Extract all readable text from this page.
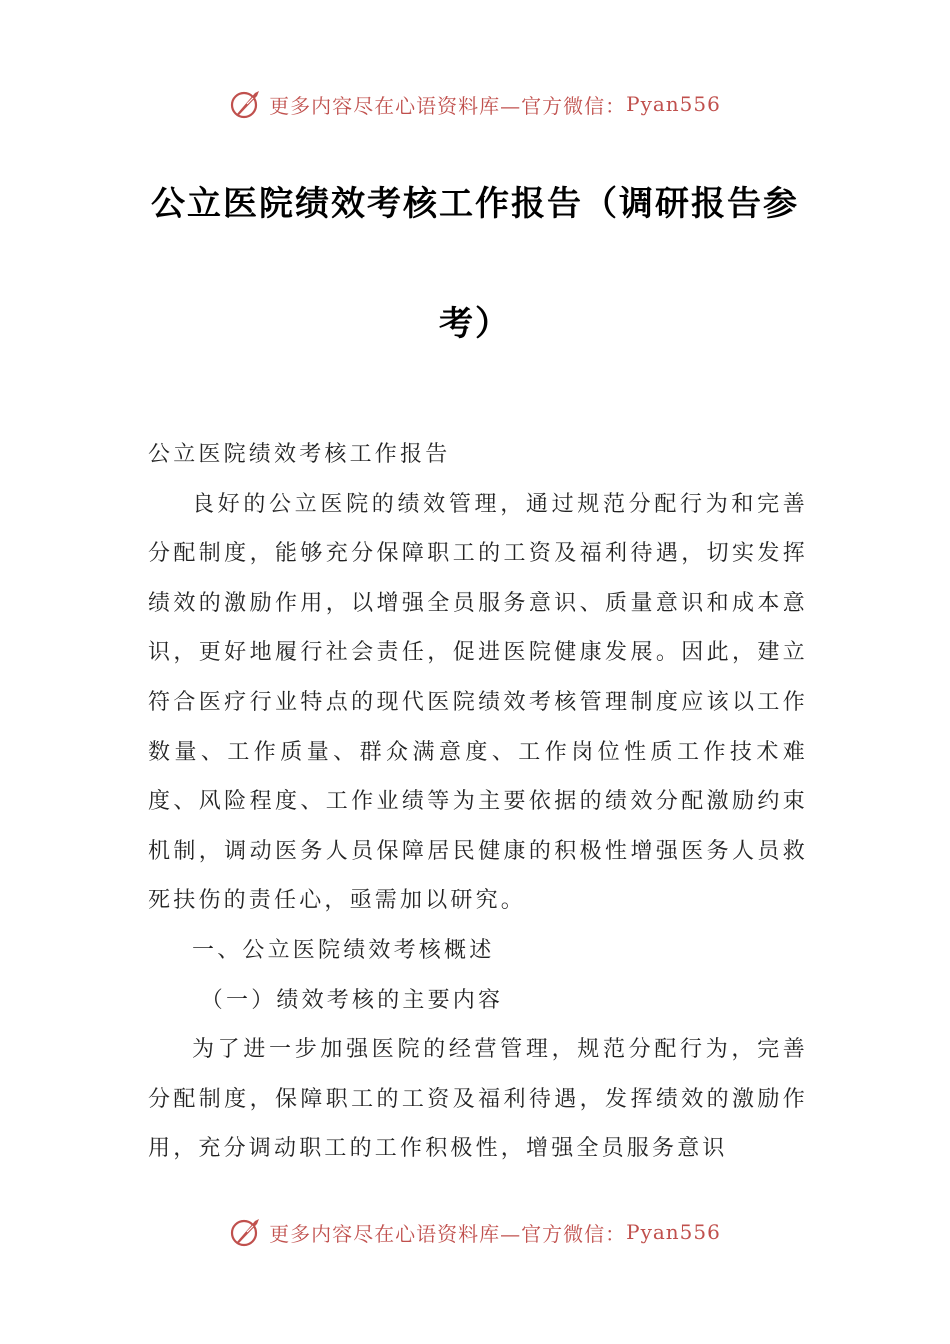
更多内容尽在心语资料库—官方微信： Pyan556
公立医院绩效考核工作报告（调研报告参
考）

公立医院绩效考核工作报告

良好的公立医院的绩效管理，通过规范分配行为和完善分配制度，能够充分保障职工的工资及福利待遇，切实发挥绩效的激励作用，以增强全员服务意识、质量意识和成本意识，更好地履行社会责任，促进医院健康发展。因此，建立符合医疗行业特点的现代医院绩效考核管理制度应该以工作数量、工作质量、群众满意度、工作岗位性质工作技术难度、风险程度、工作业绩等为主要依据的绩效分配激励约束机制，调动医务人员保障居民健康的积极性增强医务人员救死扶伤的责任心，亟需加以研究。

一、公立医院绩效考核概述

（一）绩效考核的主要内容

为了进一步加强医院的经营管理，规范分配行为，完善分配制度，保障职工的工资及福利待遇，发挥绩效的激励作用，充分调动职工的工作积极性，增强全员服务意识

更多内容尽在心语资料库—官方微信： Pyan556
